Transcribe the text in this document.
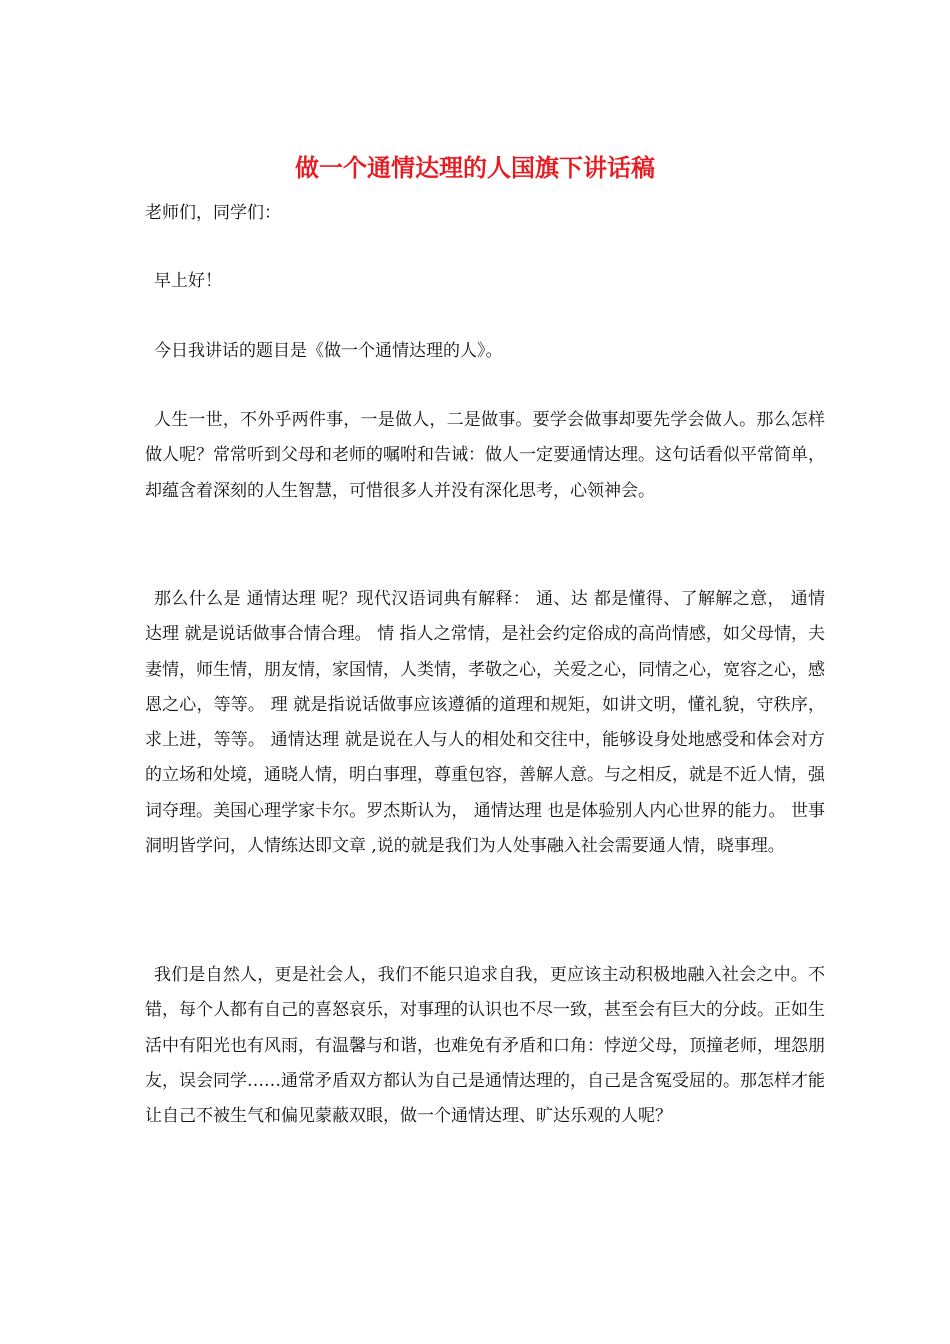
做一个通情达理的人国旗下讲话稿
老师们，同学们：

早上好！

今日我讲话的题目是《做一个通情达理的人》。

人生一世，不外乎两件事，一是做人，二是做事。要学会做事却要先学会做人。那么怎样做人呢？常常听到父母和老师的嘱咐和告诫：做人一定要通情达理。这句话看似平常简单，却蕴含着深刻的人生智慧，可惜很多人并没有深化思考，心领神会。

那么什么是 通情达理 呢？现代汉语词典有解释： 通、达 都是懂得、了解解之意， 通情达理 就是说话做事合情合理。 情 指人之常情，是社会约定俗成的高尚情感，如父母情，夫妻情，师生情，朋友情，家国情，人类情，孝敬之心，关爱之心，同情之心，宽容之心，感恩之心，等等。 理 就是指说话做事应该遵循的道理和规矩，如讲文明，懂礼貌，守秩序，求上进，等等。 通情达理 就是说在人与人的相处和交往中，能够设身处地感受和体会对方的立场和处境，通晓人情，明白事理，尊重包容，善解人意。与之相反，就是不近人情，强词夺理。美国心理学家卡尔。罗杰斯认为， 通情达理 也是体验别人内心世界的能力。 世事洞明皆学问，人情练达即文章 ,说的就是我们为人处事融入社会需要通人情，晓事理。

我们是自然人，更是社会人，我们不能只追求自我，更应该主动积极地融入社会之中。不错，每个人都有自己的喜怒哀乐，对事理的认识也不尽一致，甚至会有巨大的分歧。正如生活中有阳光也有风雨，有温馨与和谐，也难免有矛盾和口角：悖逆父母，顶撞老师，埋怨朋友，误会同学……通常矛盾双方都认为自己是通情达理的，自己是含冤受屈的。那怎样才能让自己不被生气和偏见蒙蔽双眼，做一个通情达理、旷达乐观的人呢？
